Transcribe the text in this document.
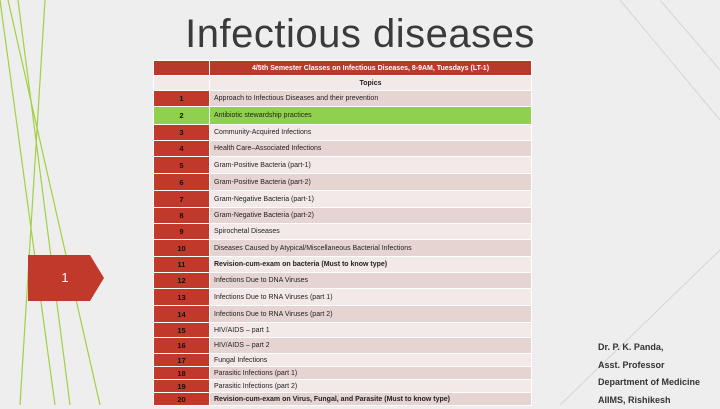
Infectious diseases
1
	4/5th Semester Classes on Infectious Diseases, 8-9AM, Tuesdays (LT-1)
	Topics
1	Approach to Infectious Diseases and their prevention
2	Antibiotic stewardship practices
3	Community-Acquired Infections
4	Health Care–Associated Infections
5	Gram-Positive Bacteria (part-1)
6	Gram-Positive Bacteria (part-2)
7	Gram-Negative Bacteria (part-1)
8	Gram-Negative Bacteria (part-2)
9	Spirochetal Diseases
10	Diseases Caused by Atypical/Miscellaneous Bacterial Infections
11	Revision-cum-exam on bacteria (Must to know type)
12	Infections Due to DNA Viruses
13	Infections Due to RNA Viruses (part 1)
14	Infections Due to RNA Viruses (part 2)
15	HIV/AIDS – part 1
16	HIV/AIDS – part 2
17	Fungal Infections
18	Parasitic Infections (part 1)
19	Parasitic Infections (part 2)
20	Revision-cum-exam on Virus, Fungal, and Parasite (Must to know type)
Dr. P. K. Panda,
Asst. Professor
Department of Medicine
AIIMS, Rishikesh
